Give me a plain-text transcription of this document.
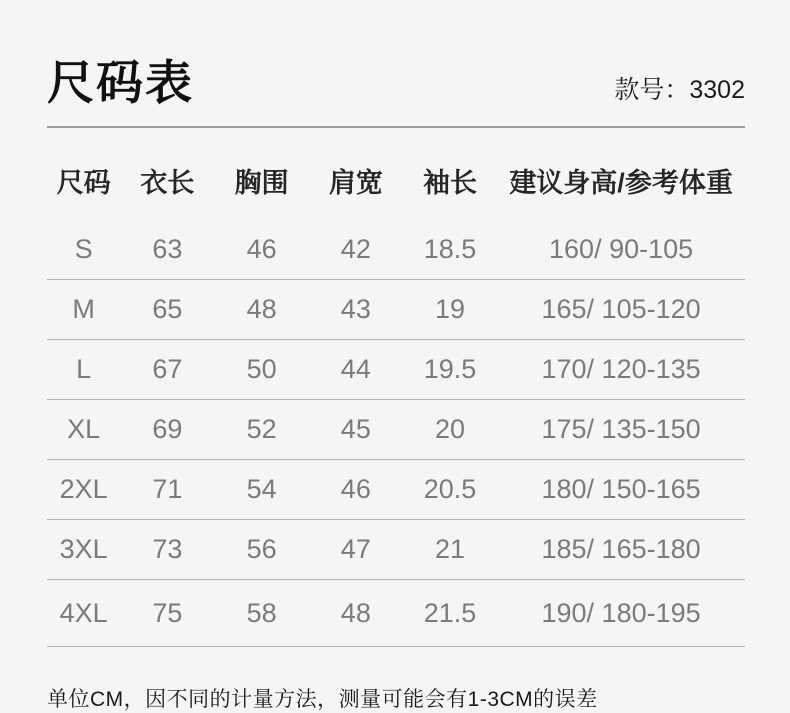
尺码表	款号：3302
尺码	衣长	胸围	肩宽	袖长	建议身高/参考体重
S	63	46	42	18.5	160/ 90-105
M	65	48	43	19	165/ 105-120
L	67	50	44	19.5	170/ 120-135
XL	69	52	45	20	175/ 135-150
2XL	71	54	46	20.5	180/ 150-165
3XL	73	56	47	21	185/ 165-180
4XL	75	58	48	21.5	190/ 180-195
单位CM，因不同的计量方法，测量可能会有1-3CM的误差
